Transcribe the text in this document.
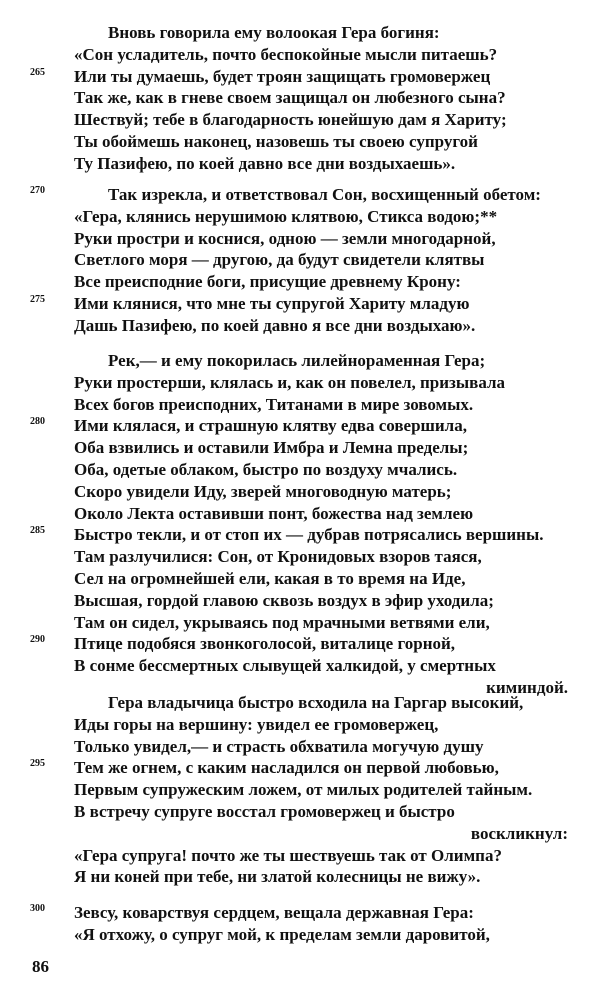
Вновь говорила ему волоокая Гера богиня:
«Сон усладитель, почто беспокойные мысли питаешь?
265 Или ты думаешь, будет троян защищать громовержец
Так же, как в гневе своем защищал он любезного сына?
Шествуй; тебе в благодарность юнейшую дам я Хариту;
Ты обоймешь наконец, назовешь ты своею супругой
Ту Пазифею, по коей давно все дни воздыхаешь».
270	Так изрекла, и ответствовал Сон, восхищенный обетом:
«Гера, клянись нерушимою клятвою, Стикса водою;**
Руки простри и коснися, одною — земли многодарной,
Светлого моря — другою, да будут свидетели клятвы
Все преисподние боги, присущие древнему Крону:
275 Ими клянися, что мне ты супругой Хариту младую
Дашь Пазифею, по коей давно я все дни воздыхаю».
Рек,— и ему покорилась лилейнораменная Гера;
Руки простерши, клялась и, как он повелел, призывала
Всех богов преисподних, Титанами в мире зовомых.
280 Ими клялася, и страшную клятву едва совершила,
Оба взвились и оставили Имбра и Лемна пределы;
Оба, одетые облаком, быстро по воздуху мчались.
Скоро увидели Иду, зверей многоводную матерь;
Около Лекта оставивши понт, божества над землею
285 Быстро текли, и от стоп их — дубрав потрясались вершины.
Там разлучилися: Сон, от Кронидовых взоров таяся,
Сел на огромнейшей ели, какая в то время на Иде,
Высшая, гордой главою сквозь воздух в эфир уходила;
Там он сидел, укрываясь под мрачными ветвями ели,
290 Птице подобяся звонкоголосой, виталице горной,
В сонме бессмертных слывущей халкидой, у смертных
киминдой.
Гера владычица быстро всходила на Гаргар высокий,
Иды горы на вершину: увидел ее громовержец,
Только увидел,— и страсть обхватила могучую душу
295 Тем же огнем, с каким насладился он первой любовью,
Первым супружеским ложем, от милых родителей тайным.
В встречу супруге восстал громовержец и быстро
воскликнул:
«Гера супруга! почто же ты шествуешь так от Олимпа?
Я ни коней при тебе, ни златой колесницы не вижу».
300 Зевсу, коварствуя сердцем, вещала державная Гера:
«Я отхожу, о супруг мой, к пределам земли даровитой,
86
